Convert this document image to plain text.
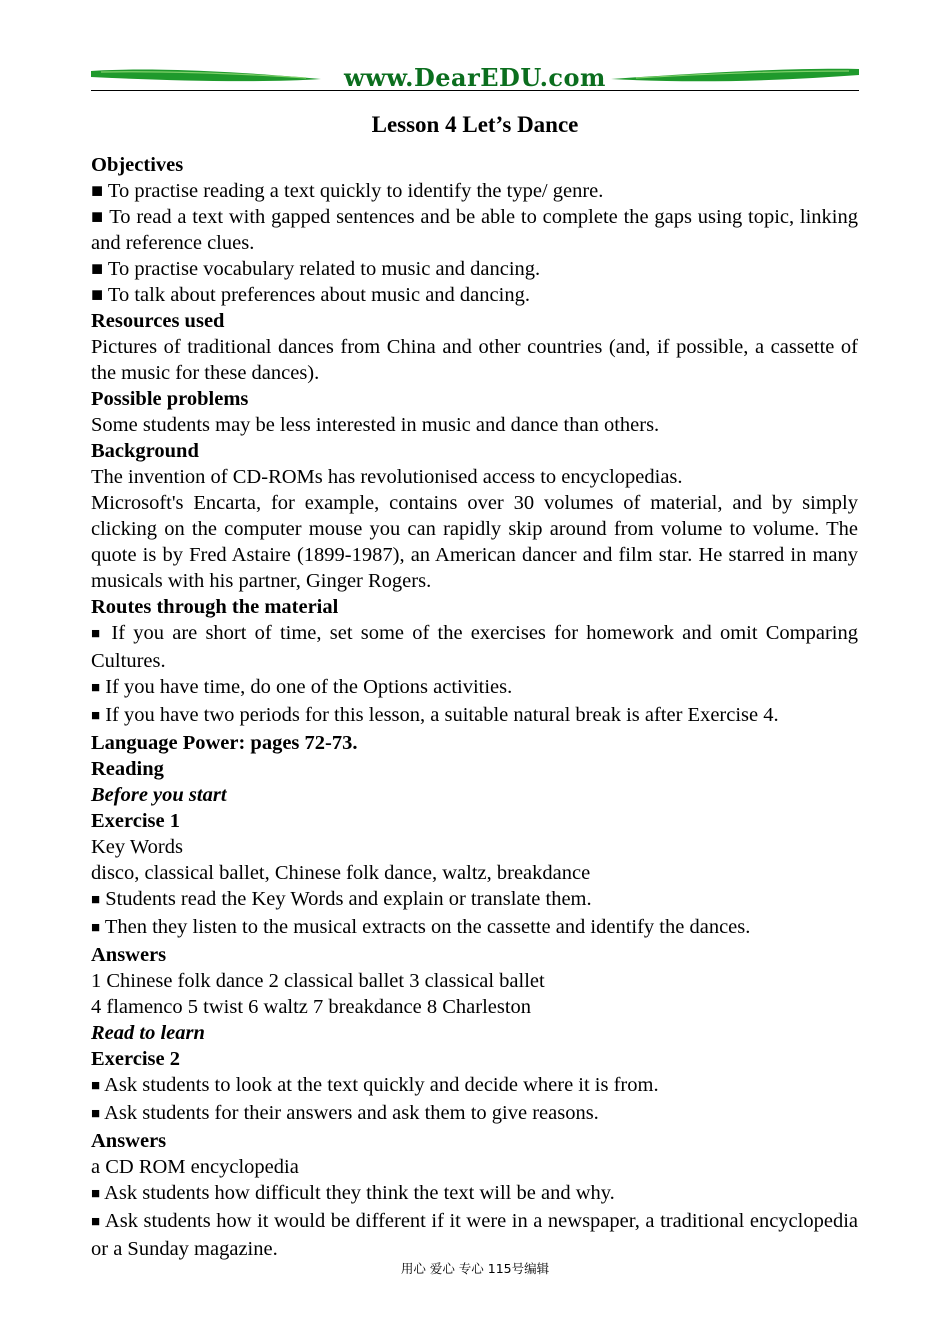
www.DearEDU.com
Lesson 4 Let’s Dance

Objectives

■ To practise reading a text quickly to identify the type/ genre.

■ To read a text with gapped sentences and be able to complete the gaps using topic, linking and reference clues.

■ To practise vocabulary related to music and dancing.

■ To talk about preferences about music and dancing.

Resources used

Pictures of traditional dances from China and other countries (and, if possible, a cassette of the music for these dances).

Possible problems

Some students may be less interested in music and dance than others.

Background

The invention of CD-ROMs has revolutionised access to encyclopedias.

Microsoft's Encarta, for example, contains over 30 volumes of material, and by simply clicking on the computer mouse you can rapidly skip around from volume to volume. The quote is by Fred Astaire (1899-1987), an American dancer and film star. He starred in many musicals with his partner, Ginger Rogers.

Routes through the material

■ If you are short of time, set some of the exercises for homework and omit Comparing Cultures.

■ If you have time, do one of the Options activities.

■ If you have two periods for this lesson, a suitable natural break is after Exercise 4.

Language Power: pages 72-73.

Reading

Before you start

Exercise 1

Key Words

disco, classical ballet, Chinese folk dance, waltz, breakdance

■ Students read the Key Words and explain or translate them.

■ Then they listen to the musical extracts on the cassette and identify the dances.

Answers

1 Chinese folk dance 2 classical ballet 3 classical ballet

4 flamenco 5 twist 6 waltz 7 breakdance 8 Charleston

Read to learn

Exercise 2

■ Ask students to look at the text quickly and decide where it is from.

■ Ask students for their answers and ask them to give reasons.

Answers

a CD ROM encyclopedia

■ Ask students how difficult they think the text will be and why.

■ Ask students how it would be different if it were in a newspaper, a traditional encyclopedia or a Sunday magazine.

用心 爱心 专心 115号编辑
